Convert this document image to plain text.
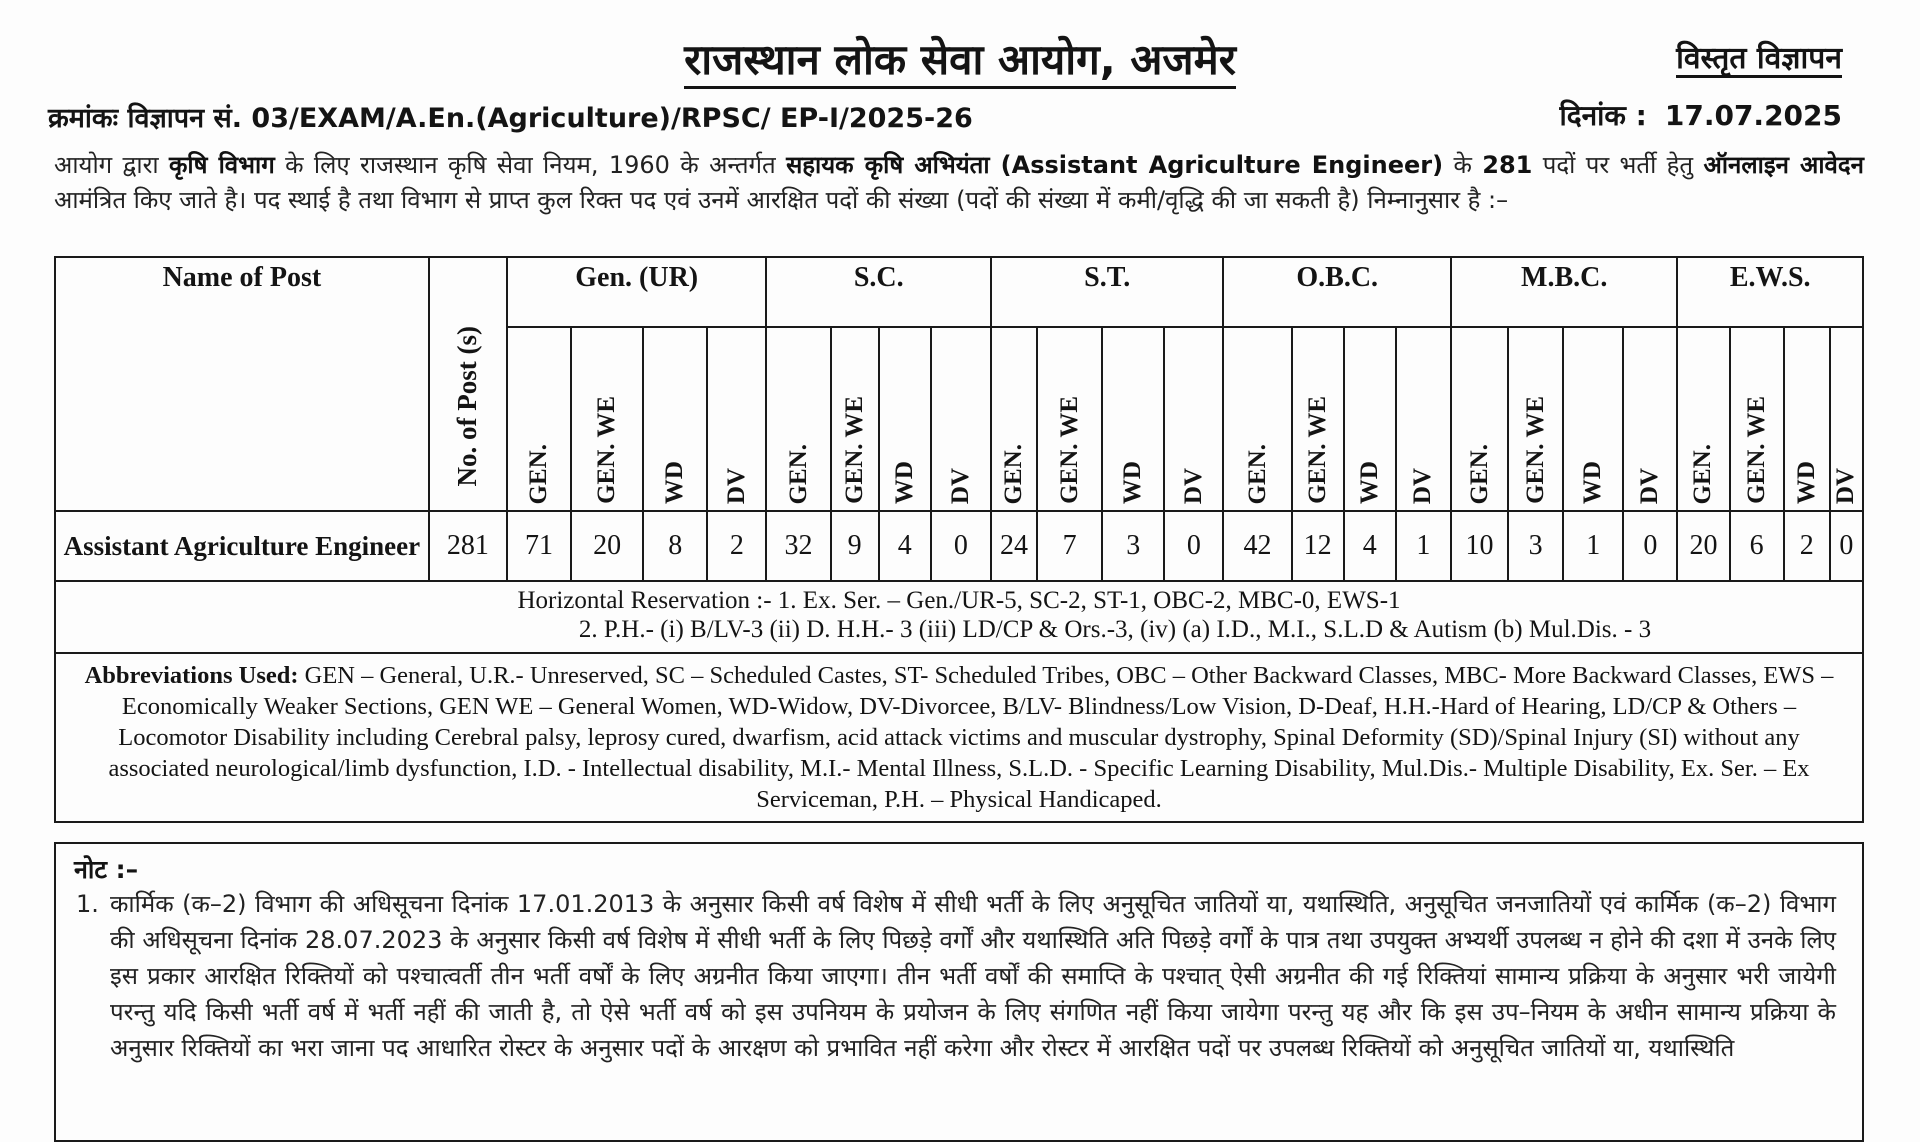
राजस्थान लोक सेवा आयोग, अजमेर	विस्तृत विज्ञापन
क्रमांकः विज्ञापन सं. 03/EXAM/A.En.(Agriculture)/RPSC/ EP-I/2025-26	दिनांक : 17.07.2025
आयोग द्वारा कृषि विभाग के लिए राजस्थान कृषि सेवा नियम, 1960 के अन्तर्गत सहायक कृषि अभियंता (Assistant Agriculture Engineer) के 281 पदों पर भर्ती हेतु ऑनलाइन आवेदन आमंत्रित किए जाते है। पद स्थाई है तथा विभाग से प्राप्त कुल रिक्त पद एवं उनमें आरक्षित पदों की संख्या (पदों की संख्या में कमी/वृद्धि की जा सकती है) निम्नानुसार है :–
Name of Post	No. of Post (s)	Gen. (UR)				S.C.				S.T.				O.B.C.				M.B.C.				E.W.S.			

		GEN.	GEN. WE	WD	DV	GEN.	GEN. WE	WD	DV	GEN.	GEN. WE	WD	DV	GEN.	GEN. WE	WD	DV	GEN.	GEN. WE	WD	DV	GEN.	GEN. WE	WD	DV

Assistant Agriculture Engineer	281	71	20	8	2	32	9	4	0	24	7	3	0	42	12	4	1	10	3	1	0	20	6	2	0
Horizontal Reservation :- 1. Ex. Ser. – Gen./UR-5, SC-2, ST-1, OBC-2, MBC-0, EWS-1
2. P.H.- (i) B/LV-3 (ii) D. H.H.- 3 (iii) LD/CP & Ors.-3, (iv) (a) I.D., M.I., S.L.D & Autism (b) Mul.Dis. - 3																									

Abbreviations Used: GEN – General, U.R.- Unreserved, SC – Scheduled Castes, ST- Scheduled Tribes, OBC – Other Backward Classes, MBC- More Backward Classes, EWS – Economically Weaker Sections, GEN WE – General Women, WD-Widow, DV-Divorcee, B/LV- Blindness/Low Vision, D-Deaf, H.H.-Hard of Hearing, LD/CP & Others – Locomotor Disability including Cerebral palsy, leprosy cured, dwarfism, acid attack victims and muscular dystrophy, Spinal Deformity (SD)/Spinal Injury (SI) without any associated neurological/limb dysfunction, I.D. - Intellectual disability, M.I.- Mental Illness, S.L.D. - Specific Learning Disability, Mul.Dis.- Multiple Disability, Ex. Ser. – Ex Serviceman, P.H. – Physical Handicaped.																									
नोट :–
1. कार्मिक (क–2) विभाग की अधिसूचना दिनांक 17.01.2013 के अनुसार किसी वर्ष विशेष में सीधी भर्ती के लिए अनुसूचित जातियों या, यथास्थिति, अनुसूचित जनजातियों एवं कार्मिक (क–2) विभाग की अधिसूचना दिनांक 28.07.2023 के अनुसार किसी वर्ष विशेष में सीधी भर्ती के लिए पिछड़े वर्गों और यथास्थिति अति पिछड़े वर्गों के पात्र तथा उपयुक्त अभ्यर्थी उपलब्ध न होने की दशा में उनके लिए इस प्रकार आरक्षित रिक्तियों को पश्चात्वर्ती तीन भर्ती वर्षों के लिए अग्रनीत किया जाएगा। तीन भर्ती वर्षों की समाप्ति के पश्चात् ऐसी अग्रनीत की गई रिक्तियां सामान्य प्रक्रिया के अनुसार भरी जायेगी परन्तु यदि किसी भर्ती वर्ष में भर्ती नहीं की जाती है, तो ऐसे भर्ती वर्ष को इस उपनियम के प्रयोजन के लिए संगणित नहीं किया जायेगा परन्तु यह और कि इस उप–नियम के अधीन सामान्य प्रक्रिया के अनुसार रिक्तियों का भरा जाना पद आधारित रोस्टर के अनुसार पदों के आरक्षण को प्रभावित नहीं करेगा और रोस्टर में आरक्षित पदों पर उपलब्ध रिक्तियों को अनुसूचित जातियों या, यथास्थिति
